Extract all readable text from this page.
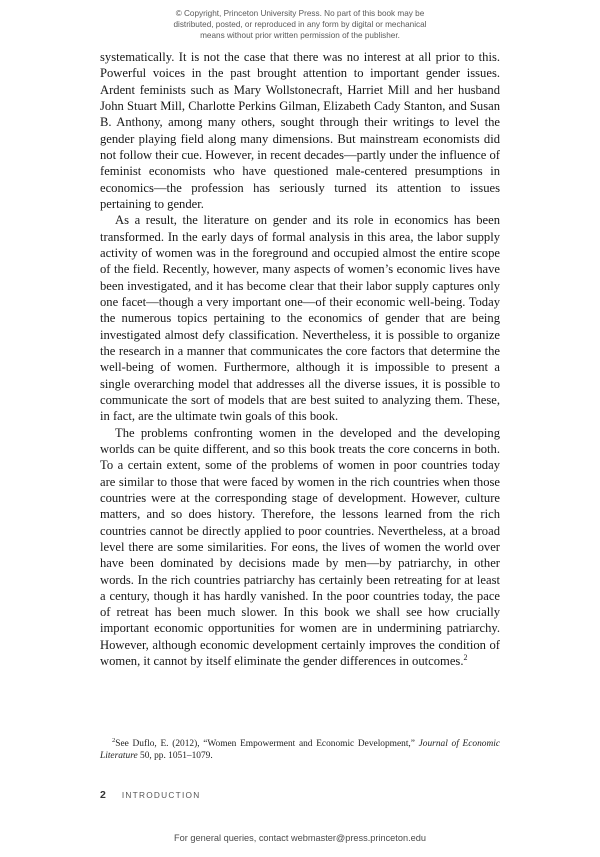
© Copyright, Princeton University Press. No part of this book may be
distributed, posted, or reproduced in any form by digital or mechanical
means without prior written permission of the publisher.

systematically. It is not the case that there was no interest at all prior to this. Powerful voices in the past brought attention to important gender issues. Ardent feminists such as Mary Wollstonecraft, Harriet Mill and her husband John Stuart Mill, Charlotte Perkins Gilman, Elizabeth Cady Stanton, and Susan B. Anthony, among many others, sought through their writings to level the gender playing field along many dimensions. But mainstream economists did not follow their cue. However, in recent decades—partly under the influence of feminist economists who have questioned male-centered presumptions in economics—the profession has seriously turned its attention to issues pertaining to gender.

As a result, the literature on gender and its role in economics has been transformed. In the early days of formal analysis in this area, the labor supply activity of women was in the foreground and occupied almost the entire scope of the field. Recently, however, many aspects of women’s economic lives have been investigated, and it has become clear that their labor supply captures only one facet—though a very important one—of their economic well-being. Today the numerous topics pertaining to the economics of gender that are being investigated almost defy classification. Nevertheless, it is possible to organize the research in a manner that communicates the core factors that determine the well-being of women. Furthermore, although it is impossible to present a single overarching model that addresses all the diverse issues, it is possible to communicate the sort of models that are best suited to analyzing them. These, in fact, are the ultimate twin goals of this book.

The problems confronting women in the developed and the developing worlds can be quite different, and so this book treats the core concerns in both. To a certain extent, some of the problems of women in poor countries today are similar to those that were faced by women in the rich countries when those countries were at the corresponding stage of development. However, culture matters, and so does history. Therefore, the lessons learned from the rich countries cannot be directly applied to poor countries. Nevertheless, at a broad level there are some similarities. For eons, the lives of women the world over have been dominated by decisions made by men—by patriarchy, in other words. In the rich countries patriarchy has certainly been retreating for at least a century, though it has hardly vanished. In the poor countries today, the pace of retreat has been much slower. In this book we shall see how crucially important economic opportunities for women are in undermining patriarchy. However, although economic development certainly improves the condition of women, it cannot by itself eliminate the gender differences in outcomes.$^2$

$^2$See Duflo, E. (2012), “Women Empowerment and Economic Development,” Journal of Economic Literature 50, pp. 1051–1079.

2 INTRODUCTION
For general queries, contact webmaster@press.princeton.edu
